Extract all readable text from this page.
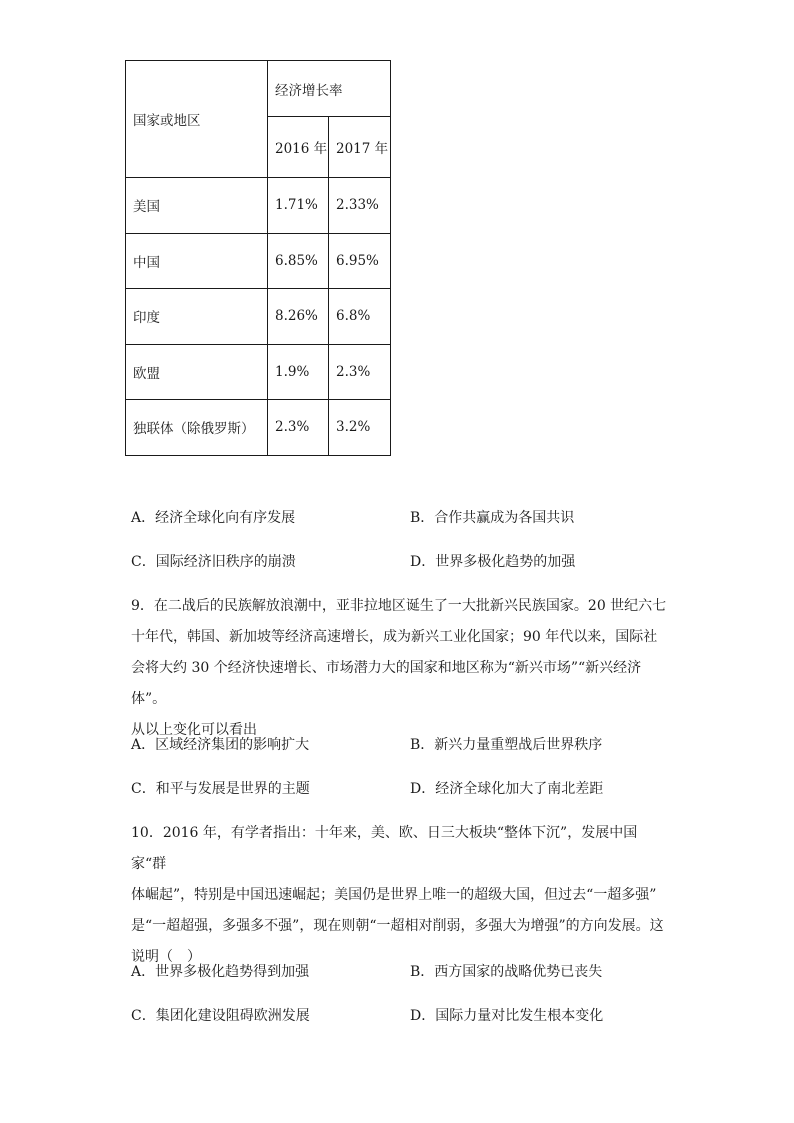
国家或地区	经济增长率	
	2016 年	2017 年
美国	1.71%	2.33%
中国	6.85%	6.95%
印度	8.26%	6.8%
欧盟	1.9%	2.3%
独联体（除俄罗斯）	2.3%	3.2%
A．经济全球化向有序发展	B．合作共赢成为各国共识
C．国际经济旧秩序的崩溃	D．世界多极化趋势的加强
9．在二战后的民族解放浪潮中，亚非拉地区诞生了一大批新兴民族国家。20 世纪六七
十年代，韩国、新加坡等经济高速增长，成为新兴工业化国家；90 年代以来，国际社
会将大约 30 个经济快速增长、市场潜力大的国家和地区称为“新兴市场”“新兴经济体”。
从以上变化可以看出
A．区域经济集团的影响扩大	B．新兴力量重塑战后世界秩序
C．和平与发展是世界的主题	D．经济全球化加大了南北差距
10．2016 年，有学者指出：十年来，美、欧、日三大板块“整体下沉”，发展中国家“群
体崛起”，特别是中国迅速崛起；美国仍是世界上唯一的超级大国，但过去“一超多强”
是“一超超强，多强多不强”，现在则朝“一超相对削弱，多强大为增强”的方向发展。这
说明（　）
A．世界多极化趋势得到加强	B．西方国家的战略优势已丧失
C．集团化建设阻碍欧洲发展	D．国际力量对比发生根本变化
